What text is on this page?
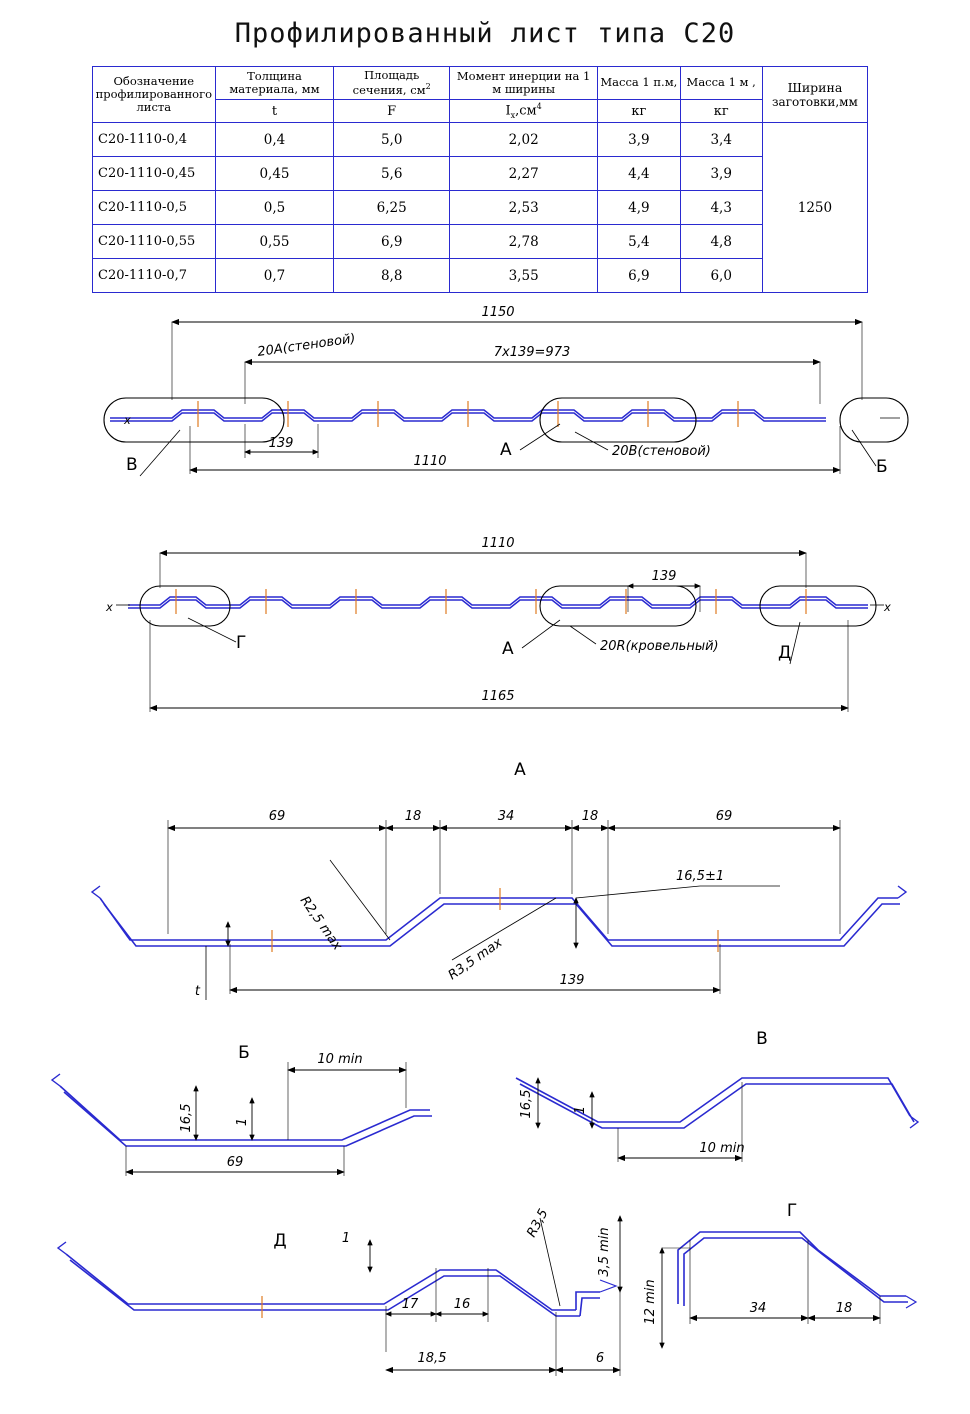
Профилированный лист типа С20
Обозначение профилированного листа	Толщина материала, мм	Площадь сечения, $см^2$	Момент инерции на 1 м ширины	Масса 1 п.м,	Масса 1 м ,	Ширина
заготовки,мм

	t	F	$I_x,см^4$	кг	кг	
С20-1110-0,4	0,4	5,0	2,02	3,9	3,4	1250
С20-1110-0,45	0,45	5,6	2,27	4,4	3,9	
С20-1110-0,5	0,5	6,25	2,53	4,9	4,3	
С20-1110-0,55	0,55	6,9	2,78	5,4	4,8	
С20-1110-0,7	0,7	8,8	3,55	6,9	6,0	
х
1150
7x139=973
20А(стеновой)
139
1110
А	20В(стеновой)
В	Б
х	х
1110
139
1165
Г	А	20R(кровельный)	Д
А
69	18	34	18	69
R2,5 max
R3,5 max
16,5±1
t
139
Б	10 min
16,5	1
69
В
16,5	1
10 min
Д	1
17	16
18,5	6
R3,5
3,5 min
Г
12 min	34	18
